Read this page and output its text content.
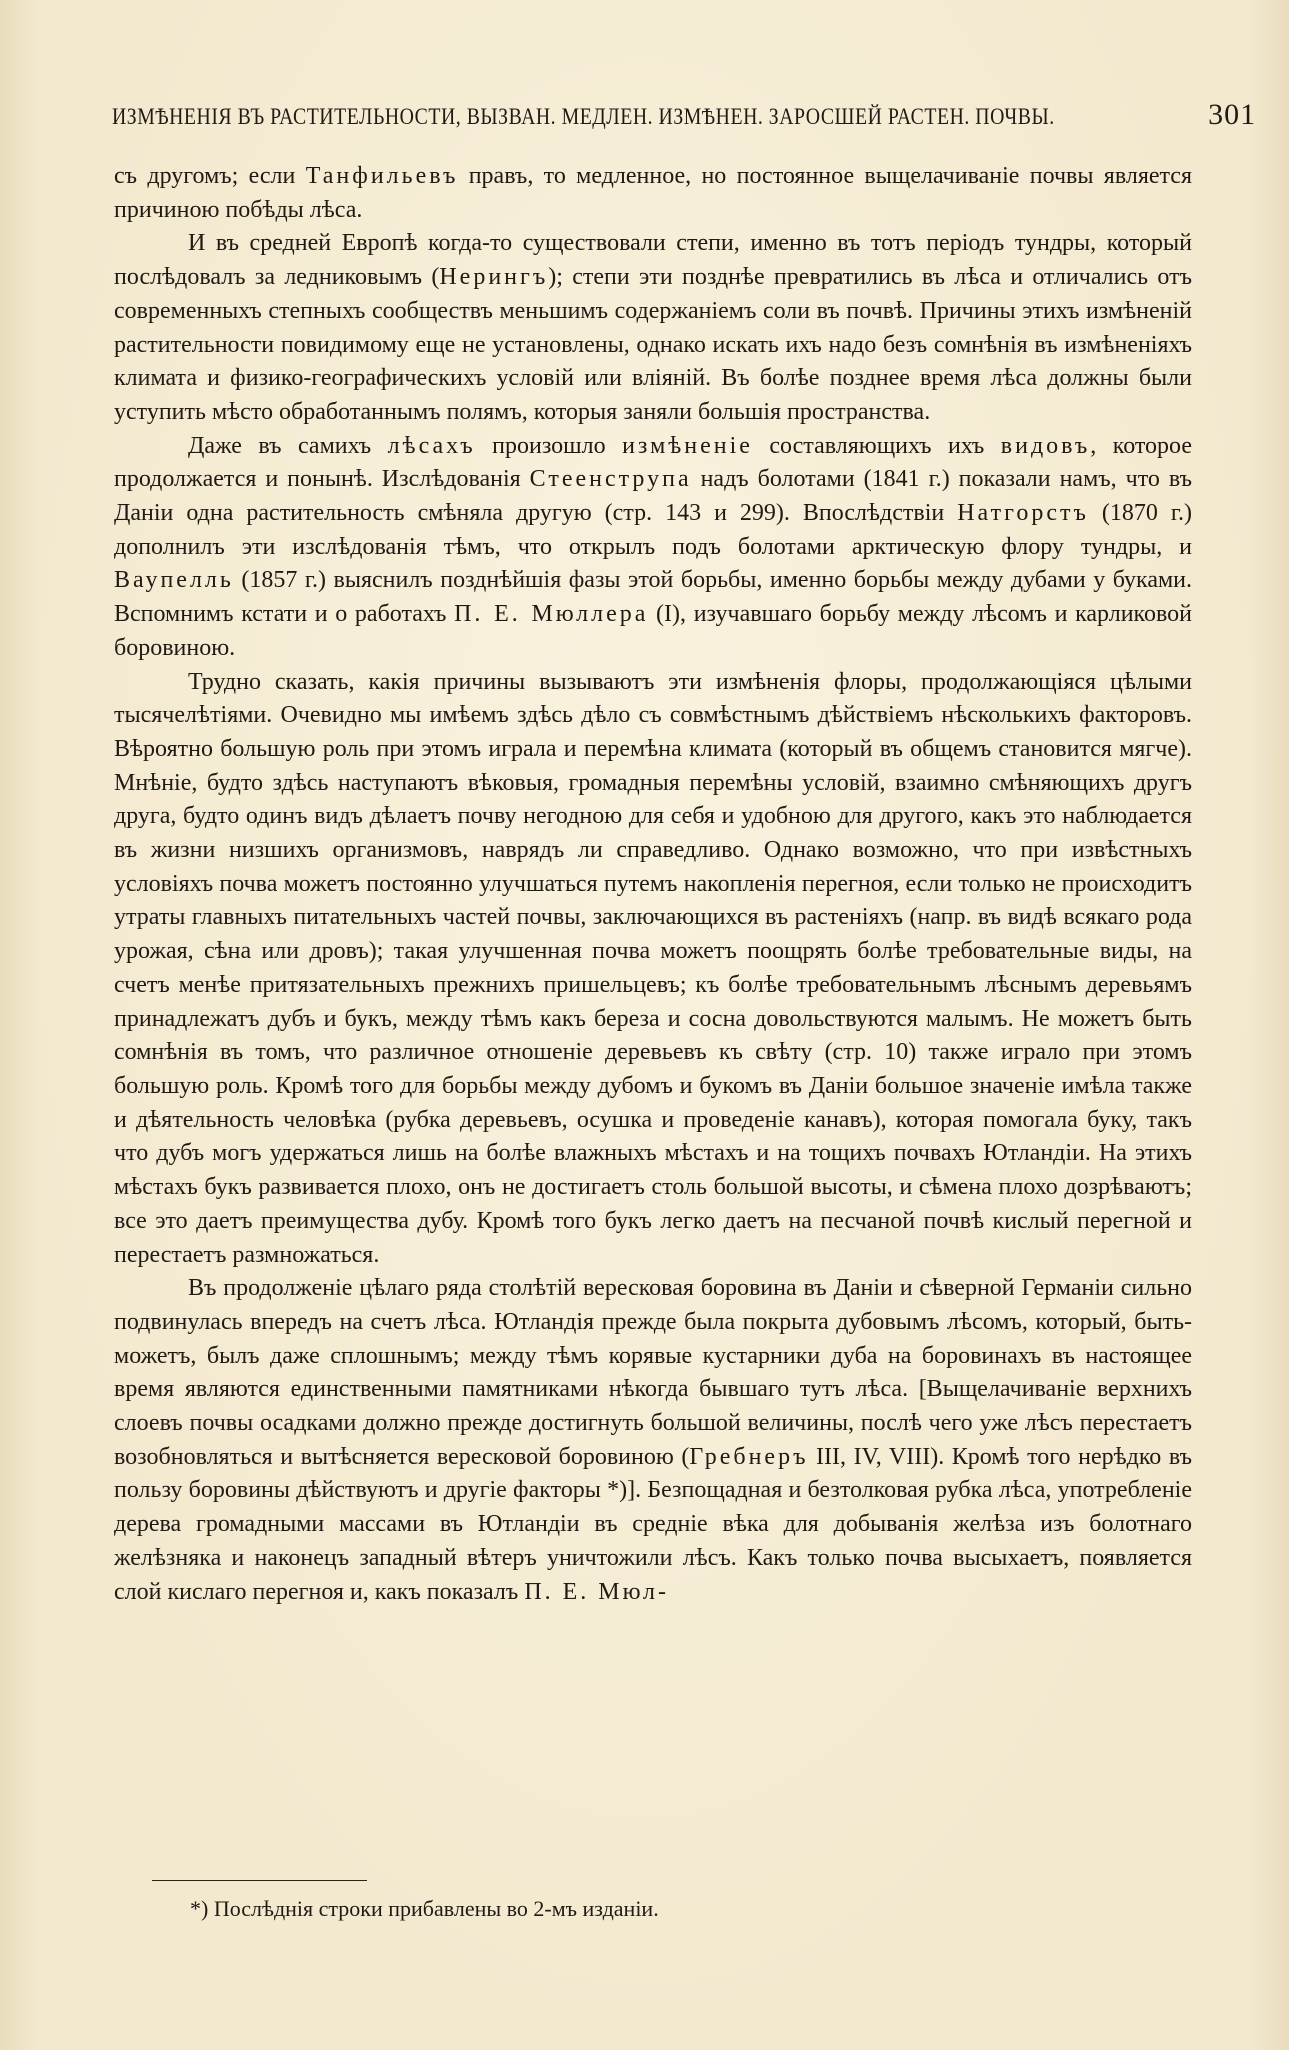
ИЗМѢНЕНІЯ ВЪ РАСТИТЕЛЬНОСТИ, ВЫЗВАН. МЕДЛЕН. ИЗМѢНЕН. ЗАРОСШЕЙ РАСТЕН. ПОЧВЫ.	301

съ другомъ; если Танфильевъ правъ, то медленное, но постоянное выщелачиваніе почвы является причиною побѣды лѣса.

И въ средней Европѣ когда-то существовали степи, именно въ тотъ періодъ тундры, который послѣдовалъ за ледниковымъ (Нерингъ); степи эти позднѣе превратились въ лѣса и отличались отъ современныхъ степныхъ сообществъ меньшимъ содержаніемъ соли въ почвѣ. Причины этихъ измѣненій растительности повидимому еще не установлены, однако искать ихъ надо безъ сомнѣнія въ измѣненіяхъ климата и физико-географическихъ условій или вліяній. Въ болѣе позднее время лѣса должны были уступить мѣсто обработаннымъ полямъ, которыя заняли большія пространства.

Даже въ самихъ лѣсахъ произошло измѣненіе составляющихъ ихъ видовъ, которое продолжается и понынѣ. Изслѣдованія Стеенструпа надъ болотами (1841 г.) показали намъ, что въ Даніи одна растительность смѣняла другую (стр. 143 и 299). Впослѣдствіи Натгорстъ (1870 г.) дополнилъ эти изслѣдованія тѣмъ, что открылъ подъ болотами арктическую флору тундры, и Ваупелль (1857 г.) выяснилъ позднѣйшія фазы этой борьбы, именно борьбы между дубами у буками. Вспомнимъ кстати и о работахъ П. Е. Мюллера (I), изучавшаго борьбу между лѣсомъ и карликовой боровиною.

Трудно сказать, какія причины вызываютъ эти измѣненія флоры, продолжающіяся цѣлыми тысячелѣтіями. Очевидно мы имѣемъ здѣсь дѣло съ совмѣстнымъ дѣйствіемъ нѣсколькихъ факторовъ. Вѣроятно большую роль при этомъ играла и перемѣна климата (который въ общемъ становится мягче). Мнѣніе, будто здѣсь наступаютъ вѣковыя, громадныя перемѣны условій, взаимно смѣняющихъ другъ друга, будто одинъ видъ дѣлаетъ почву негодною для себя и удобною для другого, какъ это наблюдается въ жизни низшихъ организмовъ, наврядъ ли справедливо. Однако возможно, что при извѣстныхъ условіяхъ почва можетъ постоянно улучшаться путемъ накопленія перегноя, если только не происходитъ утраты главныхъ питательныхъ частей почвы, заключающихся въ растеніяхъ (напр. въ видѣ всякаго рода урожая, сѣна или дровъ); такая улучшенная почва можетъ поощрять болѣе требовательные виды, на счетъ менѣе притязательныхъ прежнихъ пришельцевъ; къ болѣе требовательнымъ лѣснымъ деревьямъ принадлежатъ дубъ и букъ, между тѣмъ какъ береза и сосна довольствуются малымъ. Не можетъ быть сомнѣнія въ томъ, что различное отношеніе деревьевъ къ свѣту (стр. 10) также играло при этомъ большую роль. Кромѣ того для борьбы между дубомъ и букомъ въ Даніи большое значеніе имѣла также и дѣятельность человѣка (рубка деревьевъ, осушка и проведеніе канавъ), которая помогала буку, такъ что дубъ могъ удержаться лишь на болѣе влажныхъ мѣстахъ и на тощихъ почвахъ Ютландіи. На этихъ мѣстахъ букъ развивается плохо, онъ не достигаетъ столь большой высоты, и сѣмена плохо дозрѣваютъ; все это даетъ преимущества дубу. Кромѣ того букъ легко даетъ на песчаной почвѣ кислый перегной и перестаетъ размножаться.

Въ продолженіе цѣлаго ряда столѣтій вересковая боровина въ Даніи и сѣверной Германіи сильно подвинулась впередъ на счетъ лѣса. Ютландія прежде была покрыта дубовымъ лѣсомъ, который, быть-можетъ, былъ даже сплошнымъ; между тѣмъ корявые кустарники дуба на боровинахъ въ настоящее время являются единственными памятниками нѣкогда бывшаго тутъ лѣса. [Выщелачиваніе верхнихъ слоевъ почвы осадками должно прежде достигнуть большой величины, послѣ чего уже лѣсъ перестаетъ возобновляться и вытѣсняется вересковой боровиною (Гребнеръ III, IV, VIII). Кромѣ того нерѣдко въ пользу боровины дѣйствуютъ и другіе факторы *)]. Безпощадная и безтолковая рубка лѣса, употребленіе дерева громадными массами въ Ютландіи въ средніе вѣка для добыванія желѣза изъ болотнаго желѣзняка и наконецъ западный вѣтеръ уничтожили лѣсъ. Какъ только почва высыхаетъ, появляется слой кислаго перегноя и, какъ показалъ П. Е. Мюл-

*) Послѣднія строки прибавлены во 2-мъ изданіи.
